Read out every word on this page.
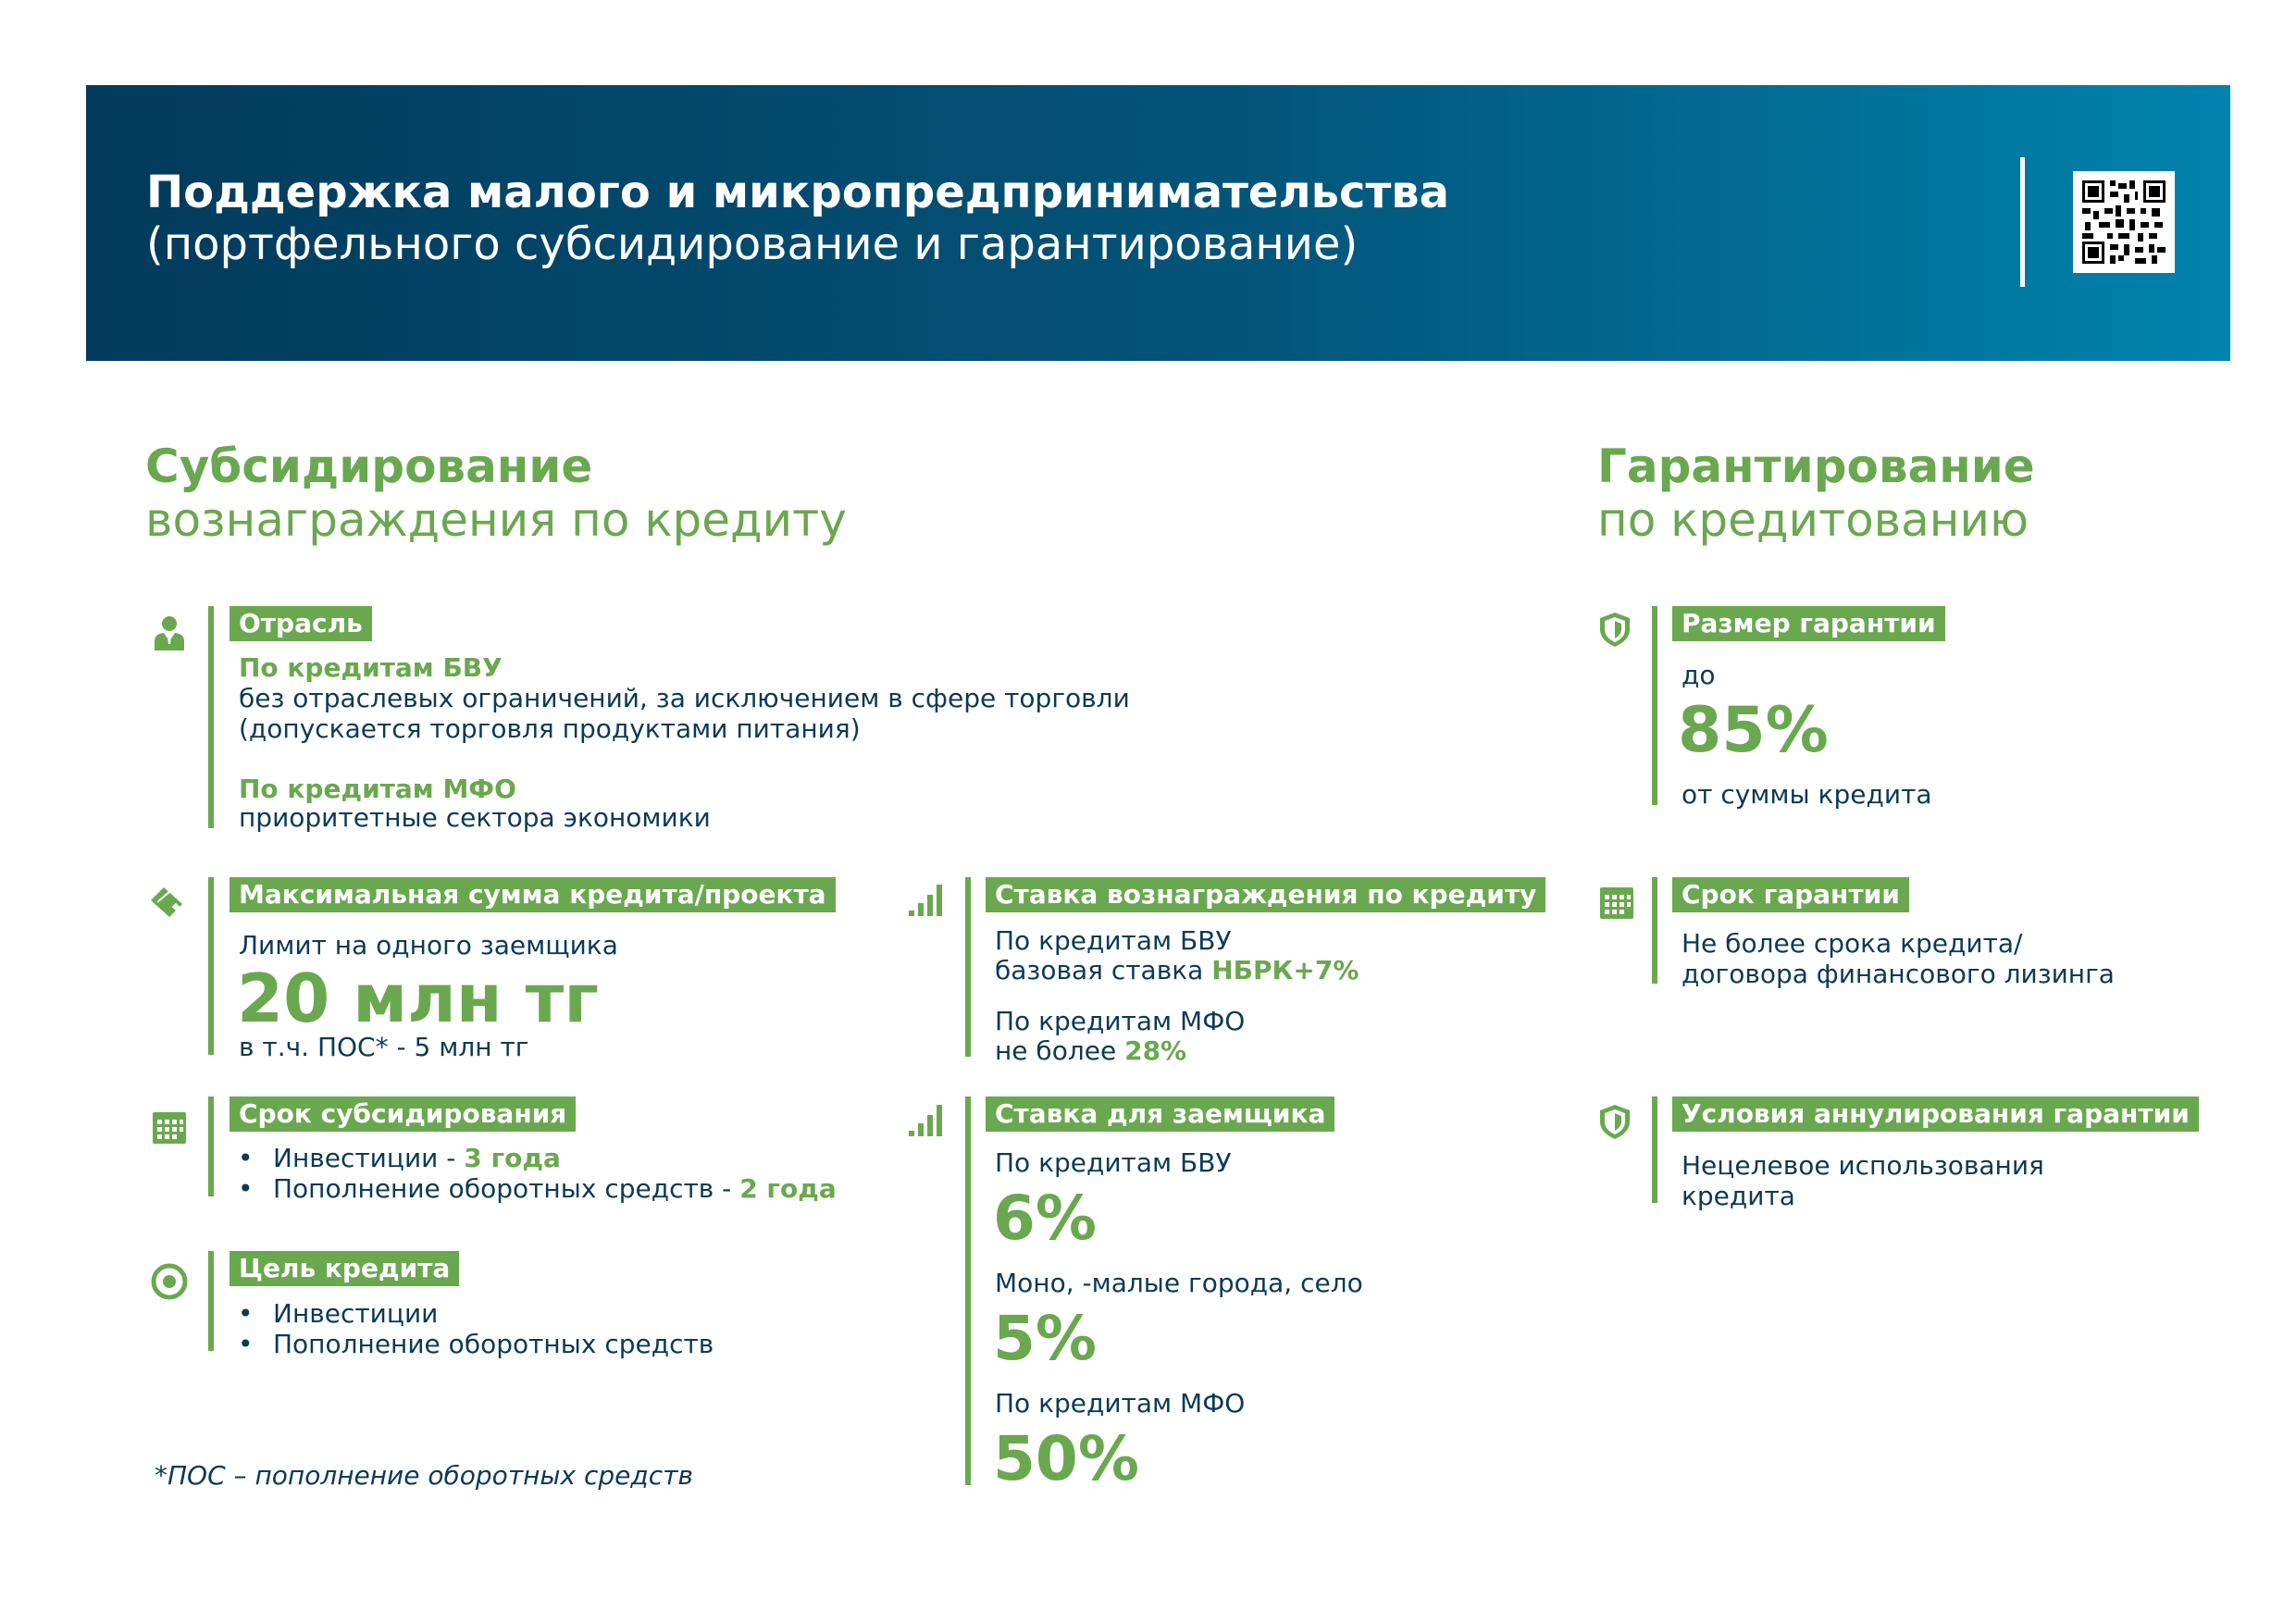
Поддержка малого и микропредпринимательства
(портфельного субсидирование и гарантирование)
Субсидирование
вознаграждения по кредиту
Гарантирование
по кредитованию
Отрасль
По кредитам БВУ
без отраслевых ограничений, за исключением в сфере торговли
(допускается торговля продуктами питания)
По кредитам МФО
приоритетные сектора экономики
Максимальная сумма кредита/проекта
Лимит на одного заемщика
20 млн тг
в т.ч. ПОС* - 5 млн тг
Срок субсидирования
• Инвестиции - 3 года
• Пополнение оборотных средств - 2 года
Цель кредита
• Инвестиции
• Пополнение оборотных средств
*ПОС – пополнение оборотных средств
Ставка вознаграждения по кредиту
По кредитам БВУ
базовая ставка НБРК+7%
По кредитам МФО
не более 28%
Ставка для заемщика
По кредитам БВУ
6%
Моно, -малые города, село
5%
По кредитам МФО
50%
Размер гарантии
до
85%
от суммы кредита
Срок гарантии
Не более срока кредита/
договора финансового лизинга
Условия аннулирования гарантии
Нецелевое использования
кредита
